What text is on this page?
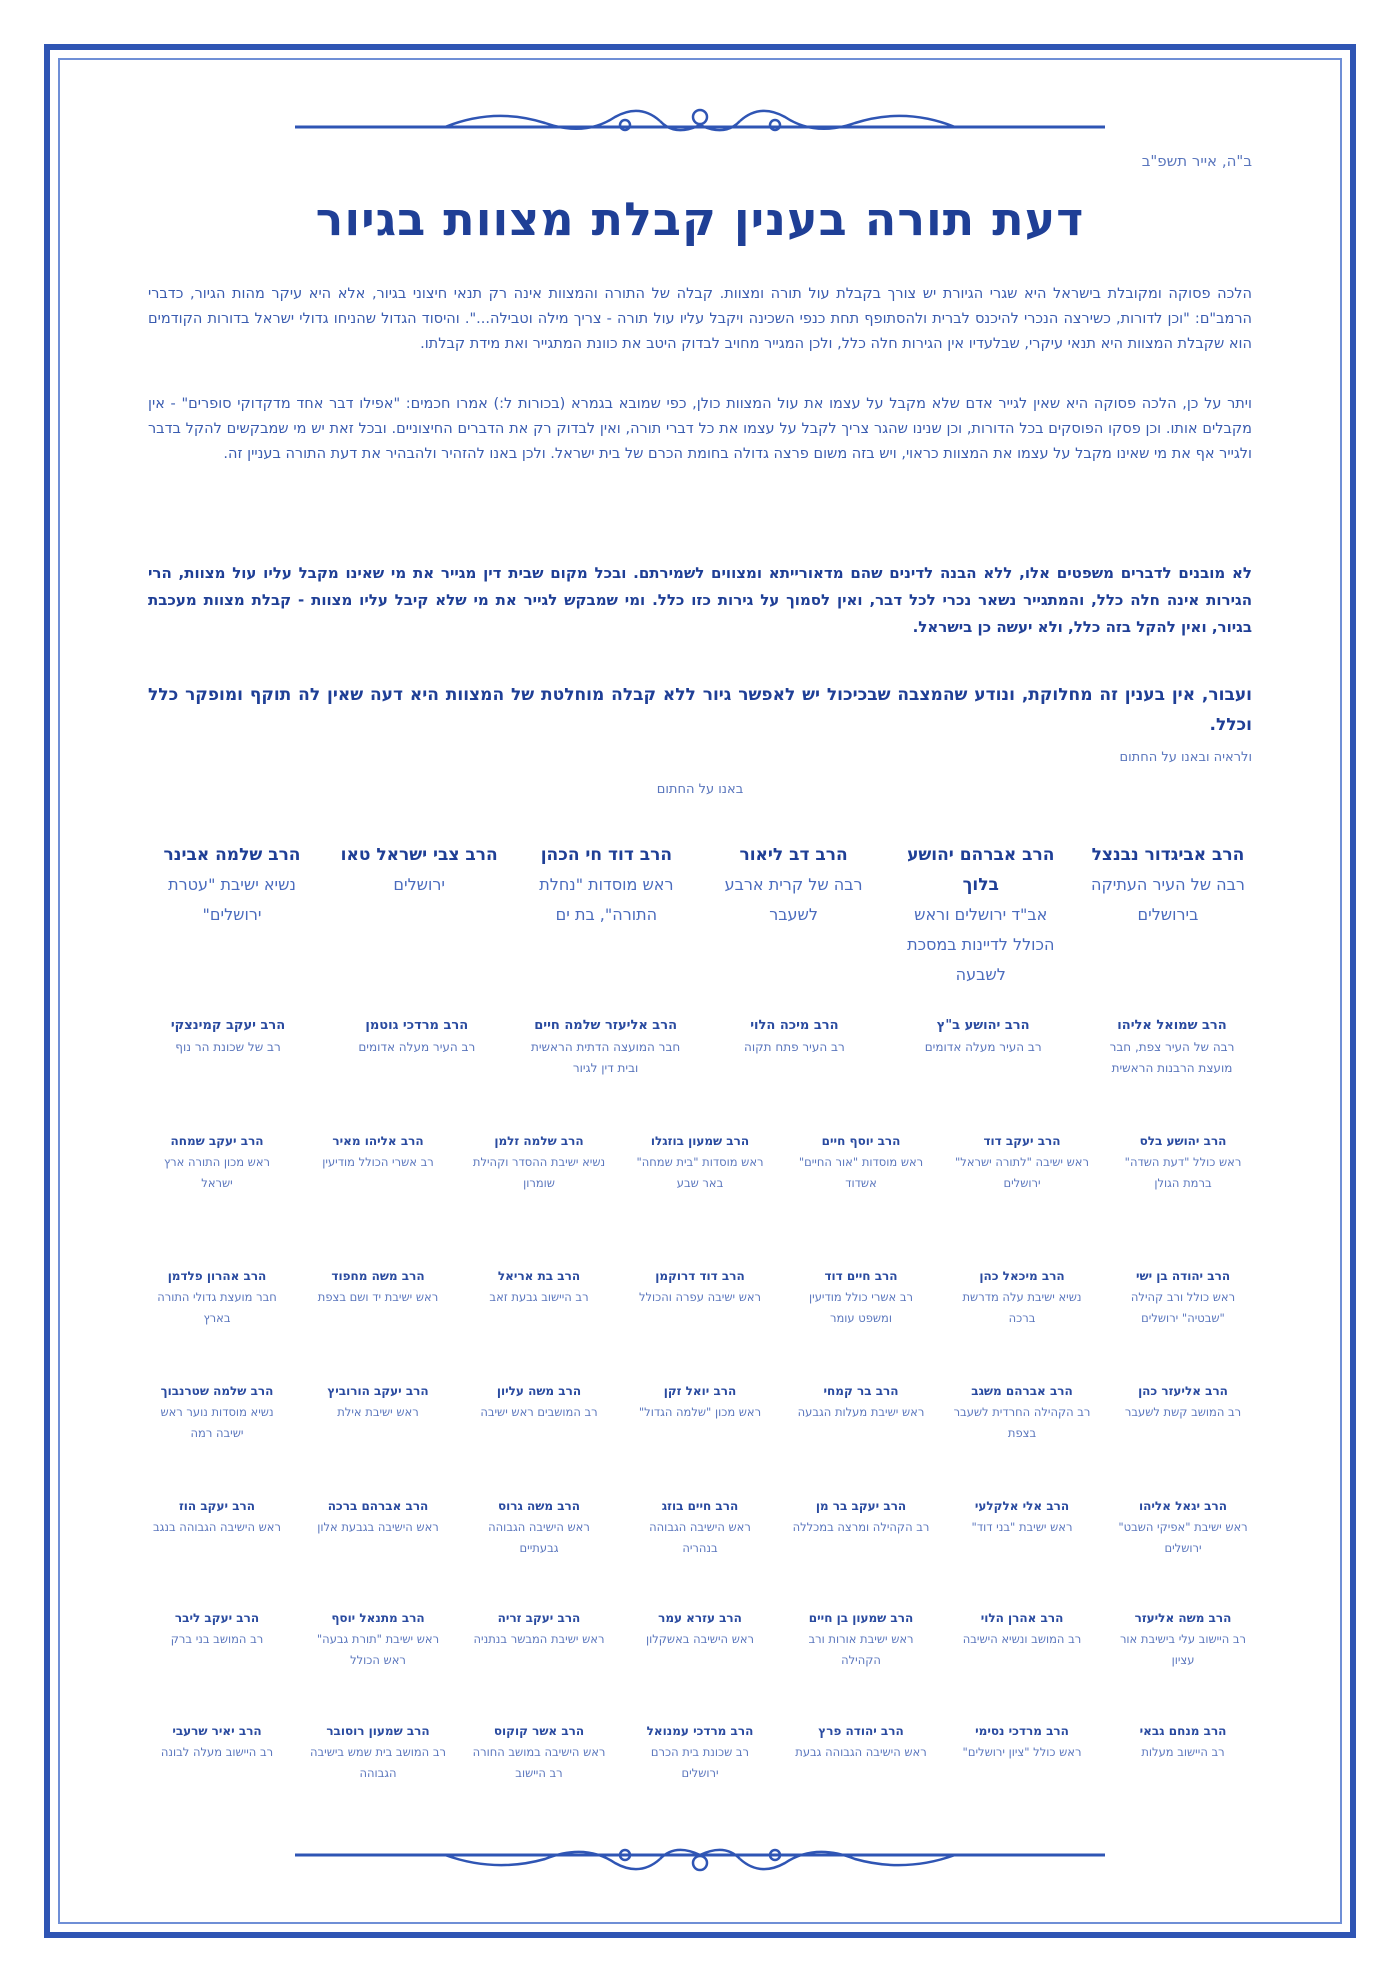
ב"ה, אייר תשפ"ב
דעת תורה בענין קבלת מצוות בגיור
הלכה פסוקה ומקובלת בישראל היא שגרי הגיורת יש צורך בקבלת עול תורה ומצוות. קבלה של התורה והמצוות אינה רק תנאי חיצוני בגיור, אלא היא עיקר מהות הגיור, כדברי הרמב"ם: "וכן לדורות, כשירצה הנכרי להיכנס לברית ולהסתופף תחת כנפי השכינה ויקבל עליו עול תורה - צריך מילה וטבילה...". והיסוד הגדול שהניחו גדולי ישראל בדורות הקודמים הוא שקבלת המצוות היא תנאי עיקרי, שבלעדיו אין הגירות חלה כלל, ולכן המגייר מחויב לבדוק היטב את כוונת המתגייר ואת מידת קבלתו.
ויתר על כן, הלכה פסוקה היא שאין לגייר אדם שלא מקבל על עצמו את עול המצוות כולן, כפי שמובא בגמרא (בכורות ל:) אמרו חכמים: "אפילו דבר אחד מדקדוקי סופרים" - אין מקבלים אותו. וכן פסקו הפוסקים בכל הדורות, וכן שנינו שהגר צריך לקבל על עצמו את כל דברי תורה, ואין לבדוק רק את הדברים החיצוניים. ובכל זאת יש מי שמבקשים להקל בדבר ולגייר אף את מי שאינו מקבל על עצמו את המצוות כראוי, ויש בזה משום פרצה גדולה בחומת הכרם של בית ישראל. ולכן באנו להזהיר ולהבהיר את דעת התורה בעניין זה.
לא מובנים לדברים משפטים אלו, ללא הבנה לדינים שהם מדאורייתא ומצווים לשמירתם. ובכל מקום שבית דין מגייר את מי שאינו מקבל עליו עול מצוות, הרי הגירות אינה חלה כלל, והמתגייר נשאר נכרי לכל דבר, ואין לסמוך על גירות כזו כלל. ומי שמבקש לגייר את מי שלא קיבל עליו מצוות - קבלת מצוות מעכבת בגיור, ואין להקל בזה כלל, ולא יעשה כן בישראל.
ועבור, אין בענין זה מחלוקת, ונודע שהמצבה שבכיכול יש לאפשר גיור ללא קבלה מוחלטת של המצוות היא דעה שאין לה תוקף ומופקר כלל וכלל.
ולראיה ובאנו על החתום
באנו על החתום
הרב אביגדור נבנצל
רבה של העיר העתיקה בירושלים
הרב אברהם יהושע בלוך
אב"ד ירושלים וראש הכולל לדיינות במסכת לשבעה
הרב דב ליאור
רבה של קרית ארבע לשעבר
הרב דוד חי הכהן
ראש מוסדות "נחלת התורה", בת ים
הרב צבי ישראל טאו
ירושלים
הרב שלמה אבינר
נשיא ישיבת "עטרת ירושלים"
הרב שמואל אליהו
רבה של העיר צפת, חבר מועצת הרבנות הראשית
הרב יהושע ב"ץ
רב העיר מעלה אדומים
הרב מיכה הלוי
רב העיר פתח תקוה
הרב אליעזר שלמה חיים
חבר המועצה הדתית הראשית ובית דין לגיור
הרב מרדכי גוטמן
רב העיר מעלה אדומים
הרב יעקב קמינצקי
רב של שכונת הר נוף
הרב יהושע בלס
ראש כולל "דעת השדה" ברמת הגולן
הרב יעקב דוד
ראש ישיבה "לתורה ישראל" ירושלים
הרב יוסף חיים
ראש מוסדות "אור החיים" אשדוד
הרב שמעון בוזגלו
ראש מוסדות "בית שמחה" באר שבע
הרב שלמה זלמן
נשיא ישיבת ההסדר וקהילת שומרון
הרב אליהו מאיר
רב אשרי הכולל מודיעין
הרב יעקב שמחה
ראש מכון התורה ארץ ישראל
הרב יהודה בן ישי
ראש כולל ורב קהילה "שבטיה" ירושלים
הרב מיכאל כהן
נשיא ישיבת עלה מדרשת ברכה
הרב חיים דוד
רב אשרי כולל מודיעין ומשפט עומר
הרב דוד דרוקמן
ראש ישיבה עפרה והכולל
הרב בת אריאל
רב היישוב גבעת זאב
הרב משה מחפוד
ראש ישיבת יד ושם בצפת
הרב אהרון פלדמן
חבר מועצת גדולי התורה בארץ
הרב אליעזר כהן
רב המושב קשת לשעבר
הרב אברהם משגב
רב הקהילה החרדית לשעבר בצפת
הרב בר קמחי
ראש ישיבת מעלות הגבעה
הרב יואל זקן
ראש מכון "שלמה הגדול"
הרב משה עליון
רב המושבים ראש ישיבה
הרב יעקב הורוביץ
ראש ישיבת אילת
הרב שלמה שטרנבוך
נשיא מוסדות נוער ראש ישיבה רמה
הרב יגאל אליהו
ראש ישיבת "אפיקי השבט" ירושלים
הרב אלי אלקלעי
ראש ישיבת "בני דוד"
הרב יעקב בר מן
רב הקהילה ומרצה במכללה
הרב חיים בוזג
ראש הישיבה הגבוהה בנהריה
הרב משה גרוס
ראש הישיבה הגבוהה גבעתיים
הרב אברהם ברכה
ראש הישיבה בגבעת אלון
הרב יעקב הוז
ראש הישיבה הגבוהה בנגב
הרב משה אליעזר
רב היישוב עלי בישיבת אור עציון
הרב אהרן הלוי
רב המושב ונשיא הישיבה
הרב שמעון בן חיים
ראש ישיבת אורות ורב הקהילה
הרב עזרא עמר
ראש הישיבה באשקלון
הרב יעקב זריה
ראש ישיבת המבשר בנתניה
הרב מתנאל יוסף
ראש ישיבת "תורת גבעה" ראש הכולל
הרב יעקב ליבר
רב המושב בני ברק
הרב מנחם גבאי
רב היישוב מעלות
הרב מרדכי נסימי
ראש כולל "ציון ירושלים"
הרב יהודה פרץ
ראש הישיבה הגבוהה גבעת
הרב מרדכי עמנואל
רב שכונת בית הכרם ירושלים
הרב אשר קוקוס
ראש הישיבה במושב החורה רב היישוב
הרב שמעון רוסובר
רב המושב בית שמש בישיבה הגבוהה
הרב יאיר שרעבי
רב היישוב מעלה לבונה
